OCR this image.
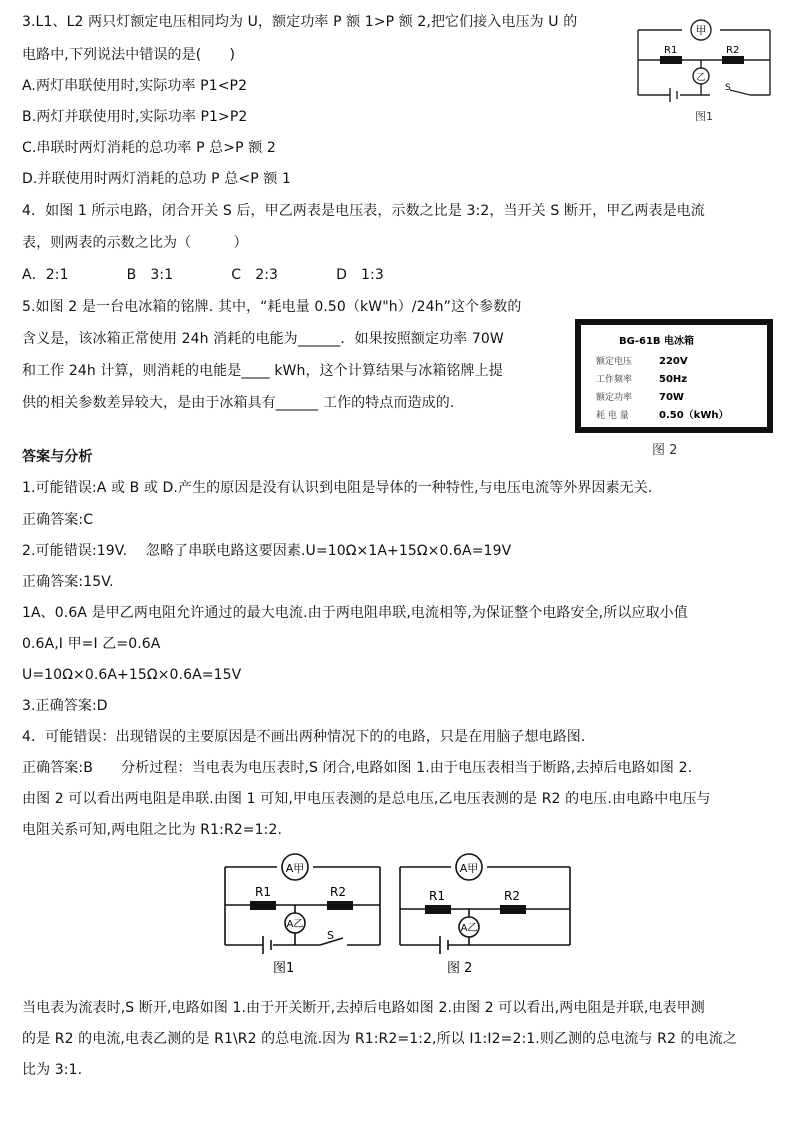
3.L1、L2 两只灯额定电压相同均为 U，额定功率 P 额 1>P 额 2,把它们接入电压为 U 的
电路中,下列说法中错误的是(　　)
A.两灯串联使用时,实际功率 P1<P2
B.两灯并联使用时,实际功率 P1>P2
C.串联时两灯消耗的总功率 P 总>P 额 2
D.并联使用时两灯消耗的总功 P 总<P 额 1
4．如图 1 所示电路，闭合开关 S 后，甲乙两表是电压表，示数之比是 3:2，当开关 S 断开，甲乙两表是电流
表，则两表的示数之比为（　　　）
A．2:1	B　3:1	C　2:3	D　1:3
5.如图 2 是一台电冰箱的铭牌. 其中，“耗电量 0.50（kW"h）/24h”这个参数的
含义是，该冰箱正常使用 24h 消耗的电能为______．如果按照额定功率 70W
和工作 24h 计算，则消耗的电能是____ kWh，这个计算结果与冰箱铭牌上提
供的相关参数差异较大，是由于冰箱具有______ 工作的特点而造成的.
甲
乙
R1	R2
S
图1
BG-61B 电冰箱
额定电压	220V
工作频率	50Hz
额定功率	70W
耗 电 量	0.50（kWh）
图 2
答案与分析
1.可能错误:A 或 B 或 D.产生的原因是没有认识到电阻是导体的一种特性,与电压电流等外界因素无关.
正确答案:C
2.可能错误:19V.　 忽略了串联电路这要因素.U=10Ω×1A+15Ω×0.6A=19V
正确答案:15V.
1A、0.6A 是甲乙两电阻允许通过的最大电流.由于两电阻串联,电流相等,为保证整个电路安全,所以应取小值
0.6A,I 甲=I 乙=0.6A
U=10Ω×0.6A+15Ω×0.6A=15V
3.正确答案:D
4．可能错误：出现错误的主要原因是不画出两种情况下的的电路，只是在用脑子想电路图.
正确答案:B　　分析过程：当电表为电压表时,S 闭合,电路如图 1.由于电压表相当于断路,去掉后电路如图 2.
由图 2 可以看出两电阻是串联.由图 1 可知,甲电压表测的是总电压,乙电压表测的是 R2 的电压.由电路中电压与
电阻关系可知,两电阻之比为 R1:R2=1:2.
A甲
A乙
R1	R2
S
图1
A甲
A乙
R1	R2
图 2
当电表为流表时,S 断开,电路如图 1.由于开关断开,去掉后电路如图 2.由图 2 可以看出,两电阻是并联,电表甲测
的是 R2 的电流,电表乙测的是 R1\R2 的总电流.因为 R1:R2=1:2,所以 I1:I2=2:1.则乙测的总电流与 R2 的电流之
比为 3:1.
